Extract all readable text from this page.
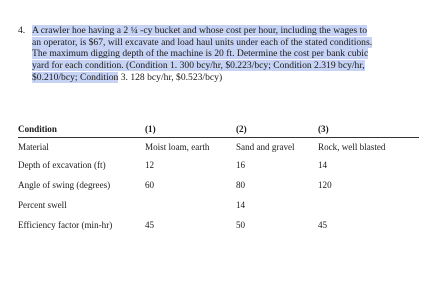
4. A crawler hoe having a 2 ¼ -cy bucket and whose cost per hour, including the wages to
an operator, is $67, will excavate and load haul units under each of the stated conditions.
The maximum digging depth of the machine is 20 ft. Determine the cost per bank cubic
yard for each condition. (Condition 1. 300 bcy/hr, $0.223/bcy; Condition 2.319 bcy/hr,
$0.210/bcy; Condition 3. 128 bcy/hr, $0.523/bcy)
Condition	(1)	(2)	(3)
Material	Moist loam, earth	Sand and gravel	Rock, well blasted
Depth of excavation (ft)	12	16	14
Angle of swing (degrees)	60	80	120
Percent swell		14	
Efficiency factor (min-hr)	45	50	45
